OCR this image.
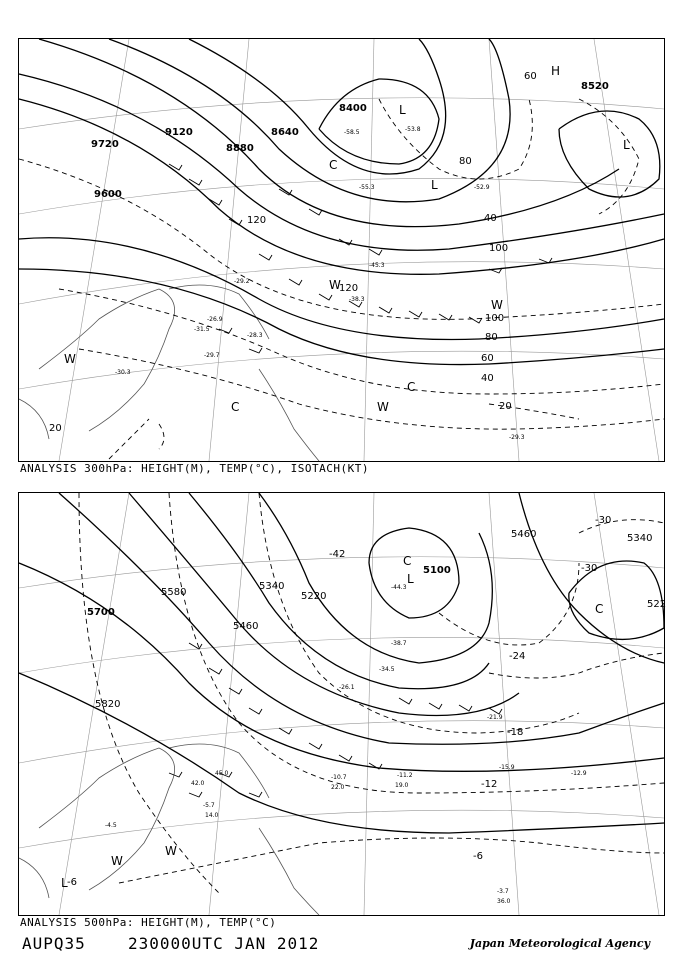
9600
9720
9120
8880
8640
8400
8520
120
100
80
60
40
20
20
40
60
80
100
120
-53.8
-58.5
-55.3	-52.9
-45.3
-29.2
-38.3
-31.5
-29.7
-26.9
-28.3
-29.3
-30.3
L
L
L
H
C
C
C
W
W
W
W
ANALYSIS 300hPa: HEIGHT(M), TEMP(°C), ISOTACH(KT)
5700
5580
5460
5340
5220
5100
5820
5460	5340
522
-42
-30
-24
-18
-12
-6
-6
-30
-44.3
-38.7
-34.5
-26.1
-21.9
-15.9
-12.9
-11.2
-10.7
-5.7
-4.5
-3.7
36.0
45.0
42.0
14.0
19.0
22.0
C
L
C
L
W
W
ANALYSIS 500hPa: HEIGHT(M), TEMP(°C)
AUPQ35	230000UTC JAN 2012	Japan Meteorological Agency
